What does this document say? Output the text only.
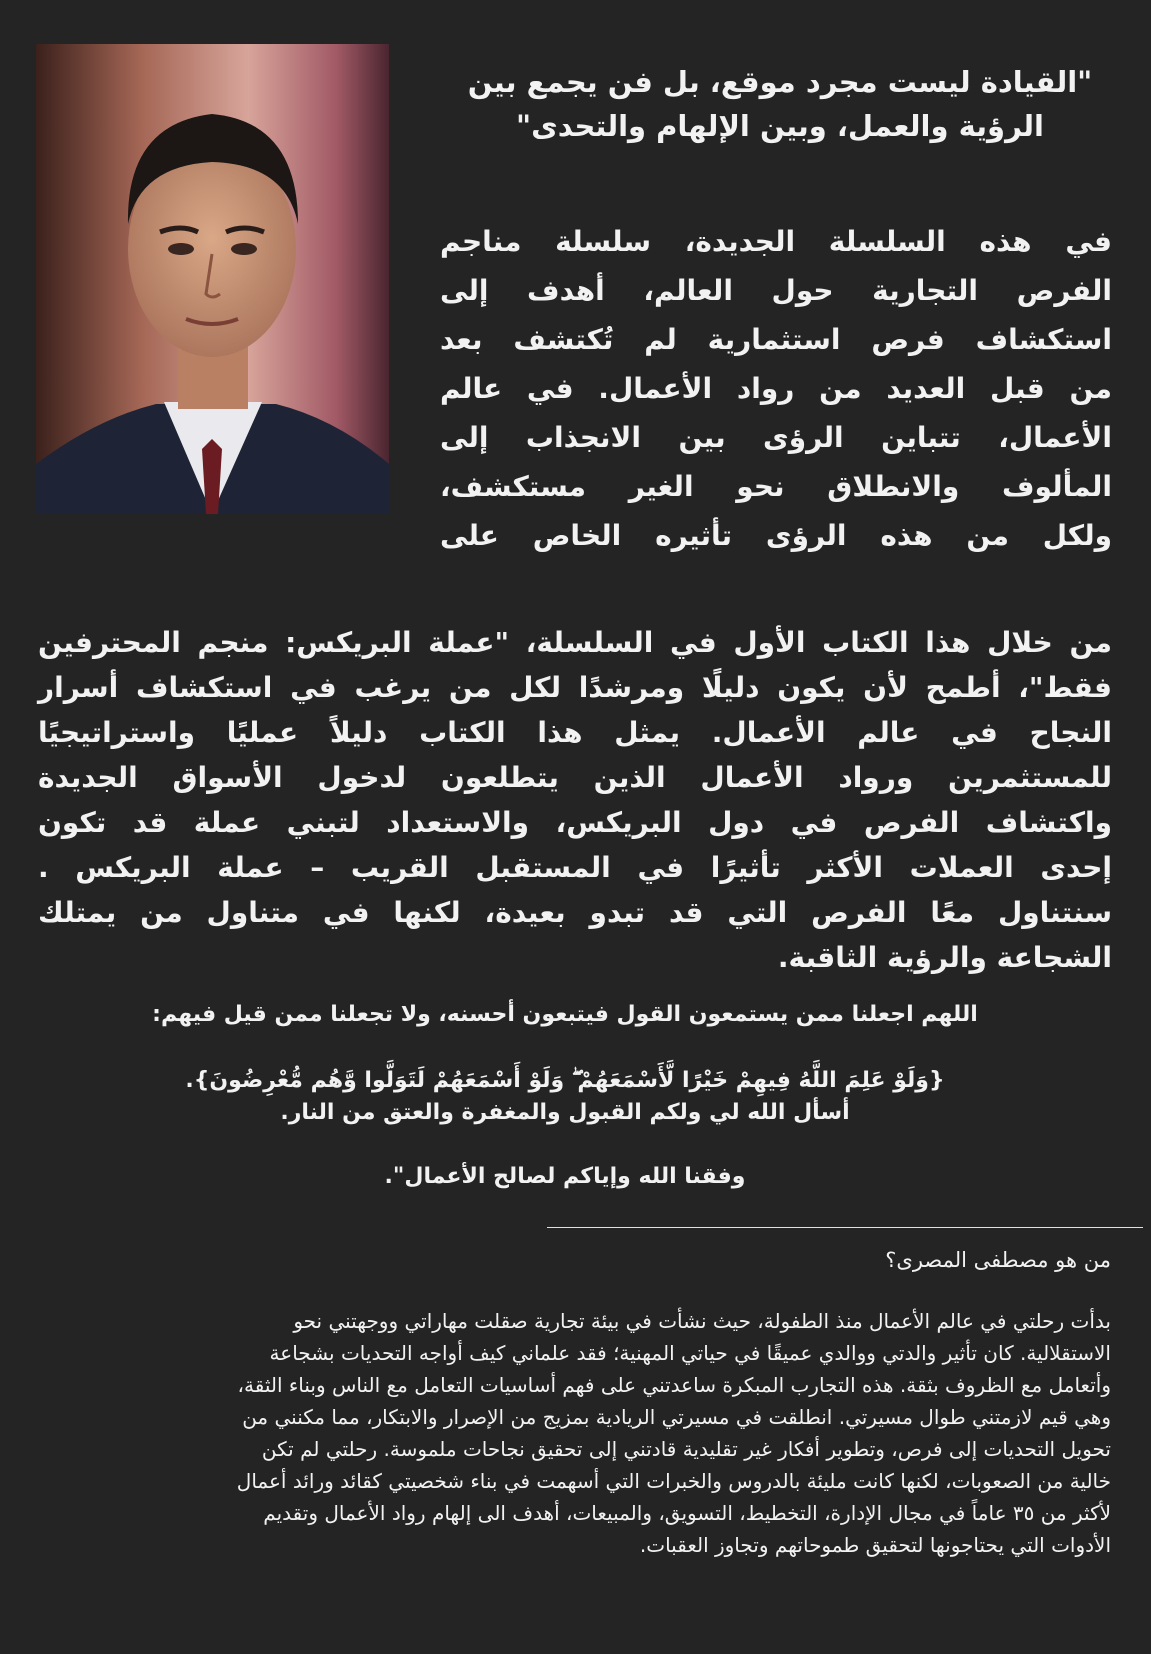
"القيادة ليست مجرد موقع، بل فن يجمع بين
الرؤية والعمل، وبين الإلهام والتحدى"

في هذه السلسلة الجديدة، سلسلة مناجم
الفرص التجارية حول العالم، أهدف إلى
استكشاف فرص استثمارية لم تُكتشف بعد
من قبل العديد من رواد الأعمال. في عالم
الأعمال، تتباين الرؤى بين الانجذاب إلى
المألوف والانطلاق نحو الغير مستكشف،
ولكل من هذه الرؤى تأثيره الخاص على

من خلال هذا الكتاب الأول في السلسلة، "عملة البريكس: منجم المحترفين
فقط"، أطمح لأن يكون دليلًا ومرشدًا لكل من يرغب في استكشاف أسرار
النجاح في عالم الأعمال. يمثل هذا الكتاب دليلاً عمليًا واستراتيجيًا
للمستثمرين ورواد الأعمال الذين يتطلعون لدخول الأسواق الجديدة
واكتشاف الفرص في دول البريكس، والاستعداد لتبني عملة قد تكون
إحدى العملات الأكثر تأثيرًا في المستقبل القريب – عملة البريكس .
سنتناول معًا الفرص التي قد تبدو بعيدة، لكنها في متناول من يمتلك
الشجاعة والرؤية الثاقبة.

اللهم اجعلنا ممن يستمعون القول فيتبعون أحسنه، ولا تجعلنا ممن قيل فيهم:

{وَلَوْ عَلِمَ اللَّهُ فِيهِمْ خَيْرًا لَّأَسْمَعَهُمْ ۖ وَلَوْ أَسْمَعَهُمْ لَتَوَلَّوا وَّهُم مُّعْرِضُونَ}.
أسأل الله لي ولكم القبول والمغفرة والعتق من النار.

وفقنا الله وإياكم لصالح الأعمال".

من هو مصطفى المصرى؟

بدأت رحلتي في عالم الأعمال منذ الطفولة، حيث نشأت في بيئة تجارية صقلت مهاراتي ووجهتني نحو
الاستقلالية. كان تأثير والدتي ووالدي عميقًا في حياتي المهنية؛ فقد علماني كيف أواجه التحديات بشجاعة
وأتعامل مع الظروف بثقة. هذه التجارب المبكرة ساعدتني على فهم أساسيات التعامل مع الناس وبناء الثقة،
وهي قيم لازمتني طوال مسيرتي. انطلقت في مسيرتي الريادية بمزيج من الإصرار والابتكار، مما مكنني من
تحويل التحديات إلى فرص، وتطوير أفكار غير تقليدية قادتني إلى تحقيق نجاحات ملموسة. رحلتي لم تكن
خالية من الصعوبات، لكنها كانت مليئة بالدروس والخبرات التي أسهمت في بناء شخصيتي كقائد ورائد أعمال
لأكثر من ٣٥ عاماً في مجال الإدارة، التخطيط، التسويق، والمبيعات، أهدف الى إلهام رواد الأعمال وتقديم
الأدوات التي يحتاجونها لتحقيق طموحاتهم وتجاوز العقبات.
